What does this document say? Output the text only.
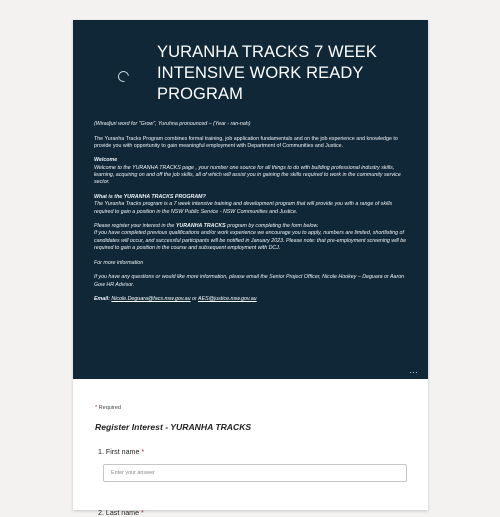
YURANHA TRACKS 7 WEEK INTENSIVE WORK READY PROGRAM

(Wiradjuri word for "Grow", Yuruhna pronounced – (Year - ran-nah)

The Yuranha Tracks Program combines formal training, job application fundamentals and on the job experience and knowledge to provide you with opportunity to gain meaningful employment with Department of Communities and Justice.

Welcome
Welcome to the YURANHA TRACKS page , your number one source for all things to do with building professional industry skills, learning, acquiring on and off the job skills, all of which will assist you in gaining the skills required to work in the community service sector.

What is the YURANHA TRACKS PROGRAM?
The Yuranha Tracks program is a 7 week intensive training and development program that will provide you with a range of skills required to gain a position in the NSW Public Service - NSW Communities and Justice.

Please register your interest in the YURANHA TRACKS program by completing the form below.
If you have completed previous qualifications and/or work experience we encourage you to apply, numbers are limited, shortlisting of candidates will occur, and successful participants will be notified in January 2023. Please note: that pre-employment screening will be required to gain a position in the course and subsequent employment with DCJ.

For more information

If you have any questions or would like more information, please email the Senior Project Officer, Nicole Hookey – Deguara or Aaron Gow HR Advisor.

Email: Nicole.Deguara@facs.nsw.gov.au or AES@justice.nsw.gov.au

…
* Required
Register Interest - YURANHA TRACKS
1. First name *
Enter your answer
2. Last name *
